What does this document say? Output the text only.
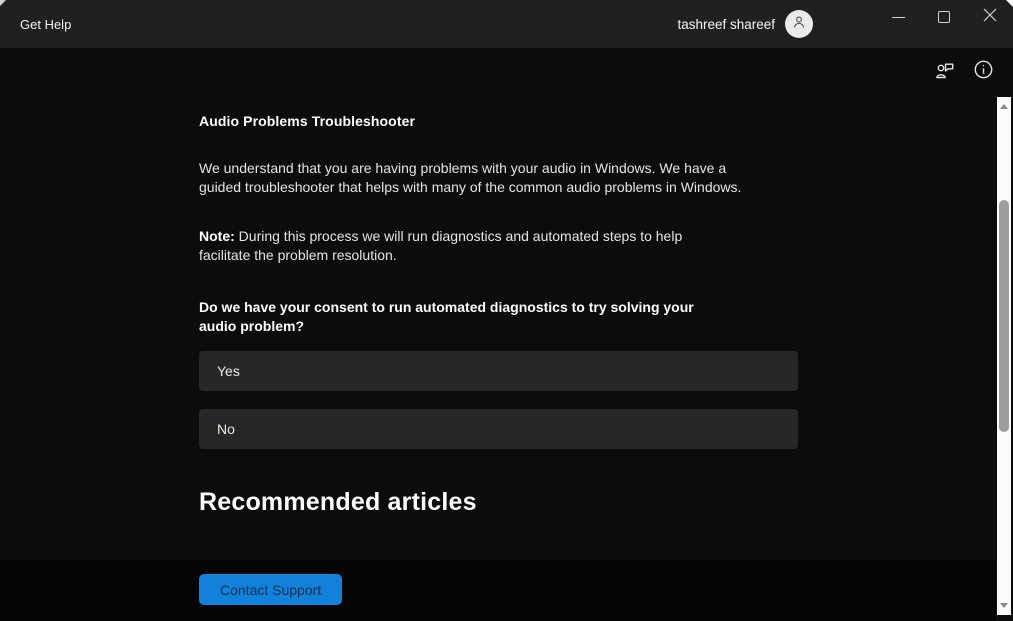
Get Help	tashreef shareef
Audio Problems Troubleshooter

We understand that you are having problems with your audio in Windows. We have a guided troubleshooter that helps with many of the common audio problems in Windows.

Note: During this process we will run diagnostics and automated steps to help facilitate the problem resolution.

Do we have your consent to run automated diagnostics to try solving your audio problem?

Yes
No
Recommended articles
Contact Support
